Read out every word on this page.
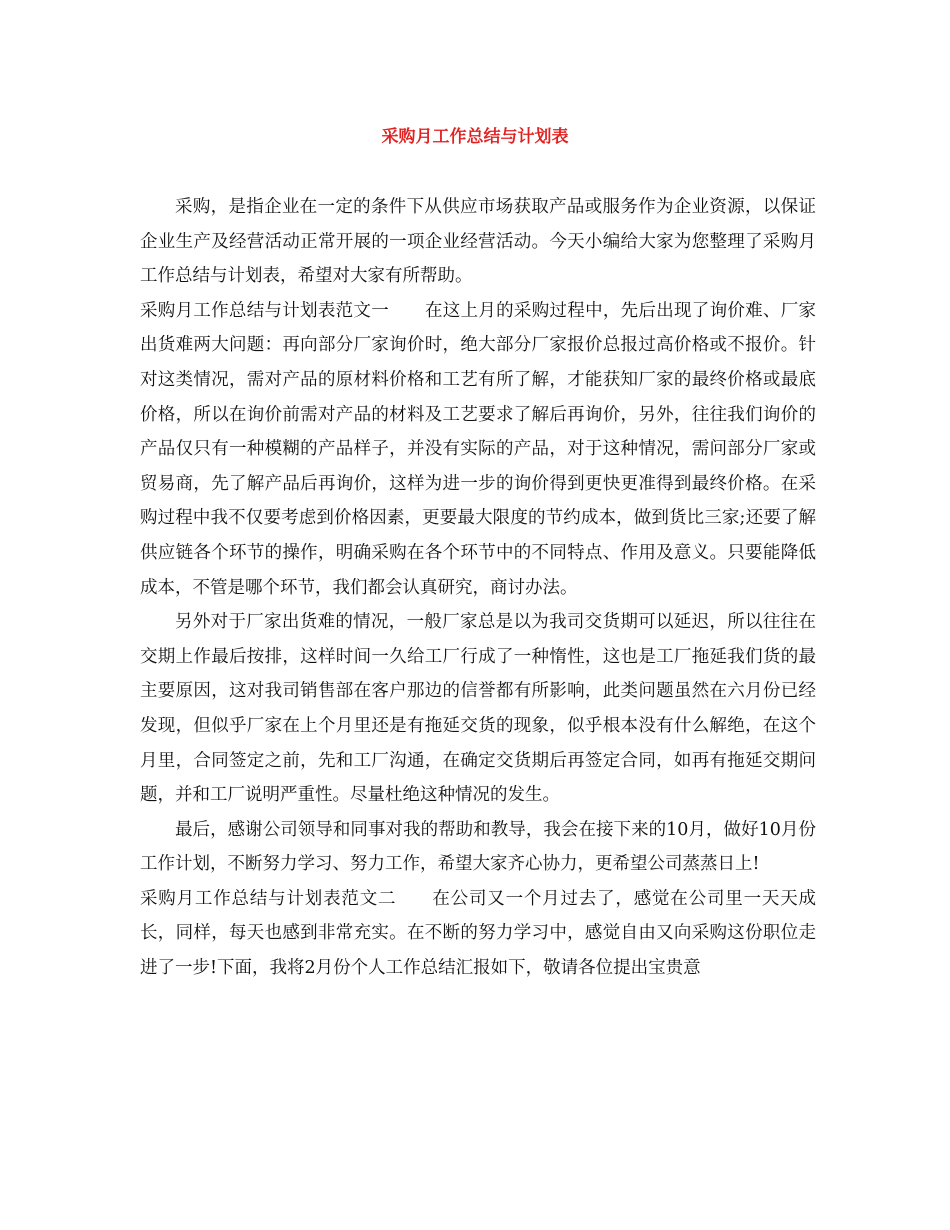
采购月工作总结与计划表

采购，是指企业在一定的条件下从供应市场获取产品或服务作为企业资源，以保证企业生产及经营活动正常开展的一项企业经营活动。今天小编给大家为您整理了采购月工作总结与计划表，希望对大家有所帮助。

采购月工作总结与计划表范文一 在这上月的采购过程中，先后出现了询价难、厂家出货难两大问题：再向部分厂家询价时，绝大部分厂家报价总报过高价格或不报价。针对这类情况，需对产品的原材料价格和工艺有所了解，才能获知厂家的最终价格或最底价格，所以在询价前需对产品的材料及工艺要求了解后再询价，另外，往往我们询价的产品仅只有一种模糊的产品样子，并没有实际的产品，对于这种情况，需问部分厂家或贸易商，先了解产品后再询价，这样为进一步的询价得到更快更准得到最终价格。在采购过程中我不仅要考虑到价格因素，更要最大限度的节约成本，做到货比三家;还要了解供应链各个环节的操作，明确采购在各个环节中的不同特点、作用及意义。只要能降低成本，不管是哪个环节，我们都会认真研究，商讨办法。

另外对于厂家出货难的情况，一般厂家总是以为我司交货期可以延迟，所以往往在交期上作最后按排，这样时间一久给工厂行成了一种惰性，这也是工厂拖延我们货的最主要原因，这对我司销售部在客户那边的信誉都有所影响，此类问题虽然在六月份已经发现，但似乎厂家在上个月里还是有拖延交货的现象，似乎根本没有什么解绝，在这个月里，合同签定之前，先和工厂沟通，在确定交货期后再签定合同，如再有拖延交期问题，并和工厂说明严重性。尽量杜绝这种情况的发生。

最后，感谢公司领导和同事对我的帮助和教导，我会在接下来的10月，做好10月份工作计划，不断努力学习、努力工作，希望大家齐心协力，更希望公司蒸蒸日上!

采购月工作总结与计划表范文二 在公司又一个月过去了，感觉在公司里一天天成长，同样，每天也感到非常充实。在不断的努力学习中，感觉自由又向采购这份职位走进了一步!下面，我将2月份个人工作总结汇报如下，敬请各位提出宝贵意
